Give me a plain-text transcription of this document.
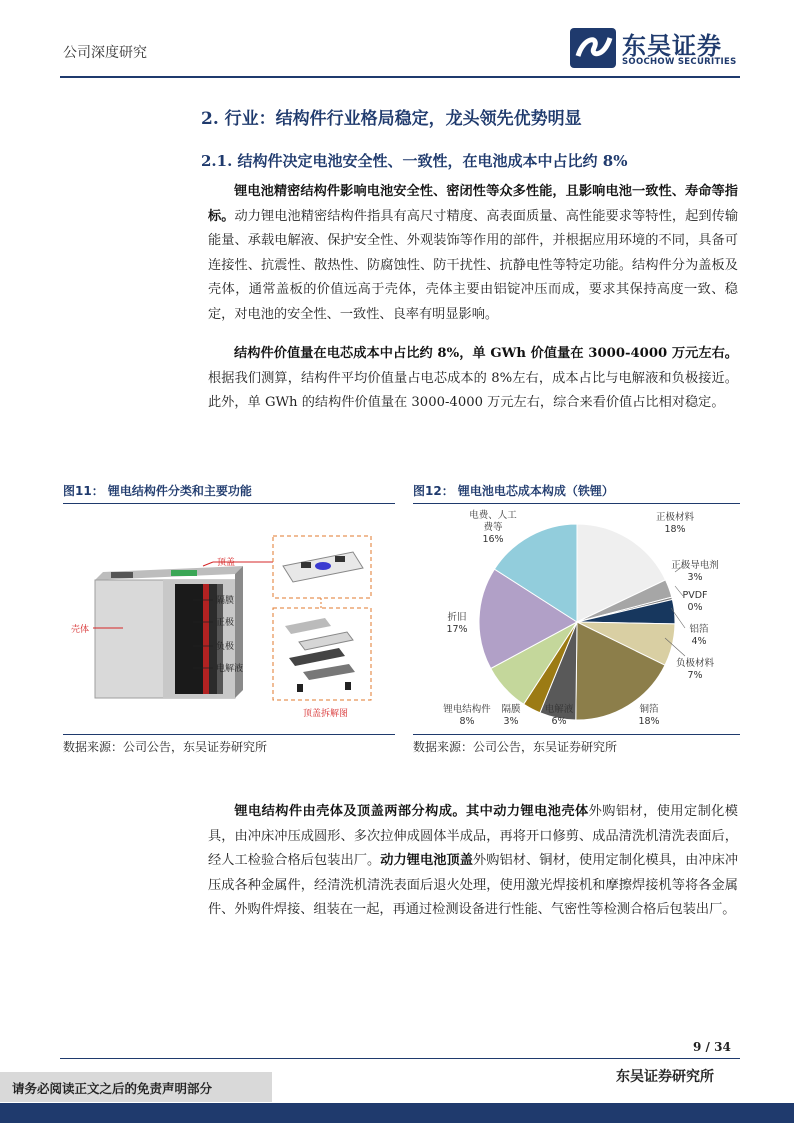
公司深度研究	东吴证券
SOOCHOW SECURITIES
2. 行业：结构件行业格局稳定，龙头领先优势明显
2.1. 结构件决定电池安全性、一致性，在电池成本中占比约 8%
锂电池精密结构件影响电池安全性、密闭性等众多性能，且影响电池一致性、寿命等指标。动力锂电池精密结构件指具有高尺寸精度、高表面质量、高性能要求等特性，起到传输能量、承载电解液、保护安全性、外观装饰等作用的部件，并根据应用环境的不同，具备可连接性、抗震性、散热性、防腐蚀性、防干扰性、抗静电性等特定功能。结构件分为盖板及壳体，通常盖板的价值远高于壳体，壳体主要由铝锭冲压而成，要求其保持高度一致、稳定，对电池的安全性、一致性、良率有明显影响。
结构件价值量在电芯成本中占比约 8%，单 GWh 价值量在 3000-4000 万元左右。根据我们测算，结构件平均价值量占电芯成本的 8%左右，成本占比与电解液和负极接近。此外，单 GWh 的结构件价值量在 3000-4000 万元左右，综合来看价值占比相对稳定。
图11： 锂电结构件分类和主要功能
壳体
顶盖
隔膜
正极
负极
电解液
顶盖拆解图
数据来源：公司公告，东吴证券研究所
图12： 锂电池电芯成本构成（铁锂）
正极材料 18%
正极导电剂 3%
PVDF 0%
铝箔 4%
负极材料 7%
铜箔 18%
电解液 6%
隔膜 3%
锂电结构件 8%
折旧 17%
电费、人工费等 16%
数据来源：公司公告，东吴证券研究所
锂电结构件由壳体及顶盖两部分构成。其中动力锂电池壳体外购铝材，使用定制化模具，由冲床冲压成圆形、多次拉伸成圆体半成品，再将开口修剪、成品清洗机清洗表面后，经人工检验合格后包装出厂。动力锂电池顶盖外购铝材、铜材，使用定制化模具，由冲床冲压成各种金属件，经清洗机清洗表面后退火处理，使用激光焊接机和摩擦焊接机等将各金属件、外购件焊接、组装在一起，再通过检测设备进行性能、气密性等检测合格后包装出厂。
9 / 34
东吴证券研究所
请务必阅读正文之后的免责声明部分
